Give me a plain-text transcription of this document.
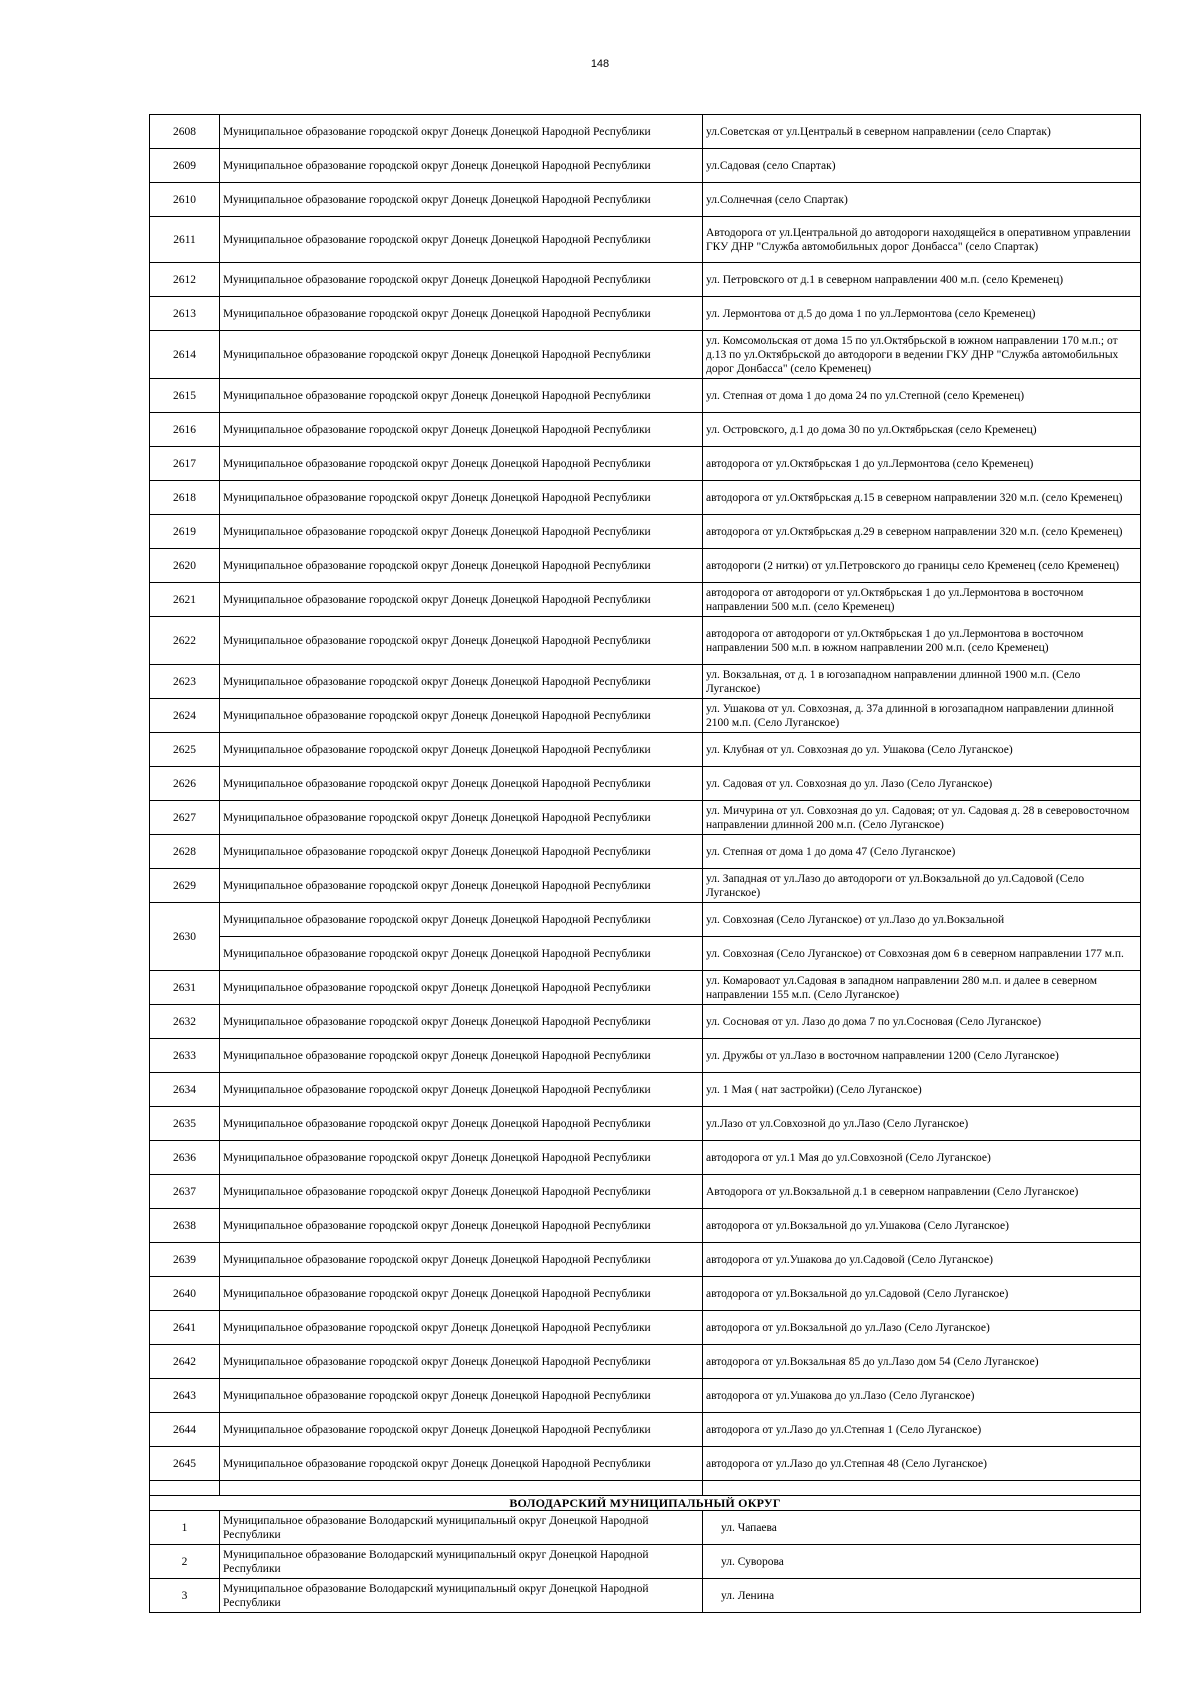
148
2608	Муниципальное образование городской округ Донецк Донецкой Народной Республики	ул.Советская от ул.Центральй в северном направлении (село Спартак)
2609	Муниципальное образование городской округ Донецк Донецкой Народной Республики	ул.Садовая (село Спартак)
2610	Муниципальное образование городской округ Донецк Донецкой Народной Республики	ул.Солнечная (село Спартак)
2611	Муниципальное образование городской округ Донецк Донецкой Народной Республики	Автодорога от ул.Центральной до автодороги находящейся в оперативном управлении ГКУ ДНР "Служба автомобильных дорог Донбасса" (село Спартак)
2612	Муниципальное образование городской округ Донецк Донецкой Народной Республики	ул. Петровского от д.1 в северном направлении 400 м.п. (село Кременец)
2613	Муниципальное образование городской округ Донецк Донецкой Народной Республики	ул. Лермонтова от д.5 до дома 1 по ул.Лермонтова (село Кременец)
2614	Муниципальное образование городской округ Донецк Донецкой Народной Республики	ул. Комсомольская от дома 15 по ул.Октябрьской в южном направлении 170 м.п.; от д.13 по ул.Октябрьской до автодороги в ведении ГКУ ДНР "Служба автомобильных дорог Донбасса" (село Кременец)
2615	Муниципальное образование городской округ Донецк Донецкой Народной Республики	ул. Степная от дома 1 до дома 24 по ул.Степной (село Кременец)
2616	Муниципальное образование городской округ Донецк Донецкой Народной Республики	ул. Островского, д.1 до дома 30 по ул.Октябрьская (село Кременец)
2617	Муниципальное образование городской округ Донецк Донецкой Народной Республики	автодорога от ул.Октябрьская 1 до ул.Лермонтова (село Кременец)
2618	Муниципальное образование городской округ Донецк Донецкой Народной Республики	автодорога от ул.Октябрьская д.15 в северном направлении 320 м.п. (село Кременец)
2619	Муниципальное образование городской округ Донецк Донецкой Народной Республики	автодорога от ул.Октябрьская д.29 в северном направлении 320 м.п. (село Кременец)
2620	Муниципальное образование городской округ Донецк Донецкой Народной Республики	автодороги (2 нитки) от ул.Петровского до границы село Кременец (село Кременец)
2621	Муниципальное образование городской округ Донецк Донецкой Народной Республики	автодорога от автодороги от ул.Октябрьская 1 до ул.Лермонтова в восточном направлении 500 м.п. (село Кременец)
2622	Муниципальное образование городской округ Донецк Донецкой Народной Республики	автодорога от автодороги от ул.Октябрьская 1 до ул.Лермонтова в восточном направлении 500 м.п. в южном направлении 200 м.п. (село Кременец)
2623	Муниципальное образование городской округ Донецк Донецкой Народной Республики	ул. Вокзальная, от д. 1 в югозападном направлении длинной 1900 м.п. (Село Луганское)
2624	Муниципальное образование городской округ Донецк Донецкой Народной Республики	ул. Ушакова от ул. Совхозная, д. 37а длинной в югозападном направлении длинной 2100 м.п. (Село Луганское)
2625	Муниципальное образование городской округ Донецк Донецкой Народной Республики	ул. Клубная от ул. Совхозная до ул. Ушакова (Село Луганское)
2626	Муниципальное образование городской округ Донецк Донецкой Народной Республики	ул. Садовая от ул. Совхозная до ул. Лазо (Село Луганское)
2627	Муниципальное образование городской округ Донецк Донецкой Народной Республики	ул. Мичурина от ул. Совхозная до ул. Садовая; от ул. Садовая д. 28 в северовосточном направлении длинной 200 м.п. (Село Луганское)
2628	Муниципальное образование городской округ Донецк Донецкой Народной Республики	ул. Степная от дома 1 до дома 47 (Село Луганское)
2629	Муниципальное образование городской округ Донецк Донецкой Народной Республики	ул. Западная от ул.Лазо до автодороги от ул.Вокзальной до ул.Садовой (Село Луганское)
2630	Муниципальное образование городской округ Донецк Донецкой Народной Республики	ул. Совхозная (Село Луганское) от ул.Лазо до ул.Вокзальной
	Муниципальное образование городской округ Донецк Донецкой Народной Республики	ул. Совхозная (Село Луганское) от Совхозная дом 6 в северном направлении 177 м.п.
2631	Муниципальное образование городской округ Донецк Донецкой Народной Республики	ул. Комароваот ул.Садовая в западном направлении 280 м.п. и далее в северном направлении 155 м.п. (Село Луганское)
2632	Муниципальное образование городской округ Донецк Донецкой Народной Республики	ул. Сосновая от ул. Лазо до дома 7 по ул.Сосновая (Село Луганское)
2633	Муниципальное образование городской округ Донецк Донецкой Народной Республики	ул. Дружбы от ул.Лазо в восточном направлении 1200 (Село Луганское)
2634	Муниципальное образование городской округ Донецк Донецкой Народной Республики	ул. 1 Мая ( нат застройки) (Село Луганское)
2635	Муниципальное образование городской округ Донецк Донецкой Народной Республики	ул.Лазо от ул.Совхозной до ул.Лазо (Село Луганское)
2636	Муниципальное образование городской округ Донецк Донецкой Народной Республики	автодорога от ул.1 Мая до ул.Совхозной (Село Луганское)
2637	Муниципальное образование городской округ Донецк Донецкой Народной Республики	Автодорога от ул.Вокзальной д.1 в северном направлении (Село Луганское)
2638	Муниципальное образование городской округ Донецк Донецкой Народной Республики	автодорога от ул.Вокзальной до ул.Ушакова (Село Луганское)
2639	Муниципальное образование городской округ Донецк Донецкой Народной Республики	автодорога от ул.Ушакова до ул.Садовой (Село Луганское)
2640	Муниципальное образование городской округ Донецк Донецкой Народной Республики	автодорога от ул.Вокзальной до ул.Садовой (Село Луганское)
2641	Муниципальное образование городской округ Донецк Донецкой Народной Республики	автодорога от ул.Вокзальной до ул.Лазо (Село Луганское)
2642	Муниципальное образование городской округ Донецк Донецкой Народной Республики	автодорога от ул.Вокзальная 85 до ул.Лазо дом 54 (Село Луганское)
2643	Муниципальное образование городской округ Донецк Донецкой Народной Республики	автодорога от ул.Ушакова до ул.Лазо (Село Луганское)
2644	Муниципальное образование городской округ Донецк Донецкой Народной Республики	автодорога от ул.Лазо до ул.Степная 1 (Село Луганское)
2645	Муниципальное образование городской округ Донецк Донецкой Народной Республики	автодорога от ул.Лазо до ул.Степная 48 (Село Луганское)

ВОЛОДАРСКИЙ МУНИЦИПАЛЬНЫЙ ОКРУГ		
1	Муниципальное образование Володарский муниципальный округ Донецкой Народной Республики	ул. Чапаева
2	Муниципальное образование Володарский муниципальный округ Донецкой Народной Республики	ул. Суворова
3	Муниципальное образование Володарский муниципальный округ Донецкой Народной Республики	ул. Ленина
